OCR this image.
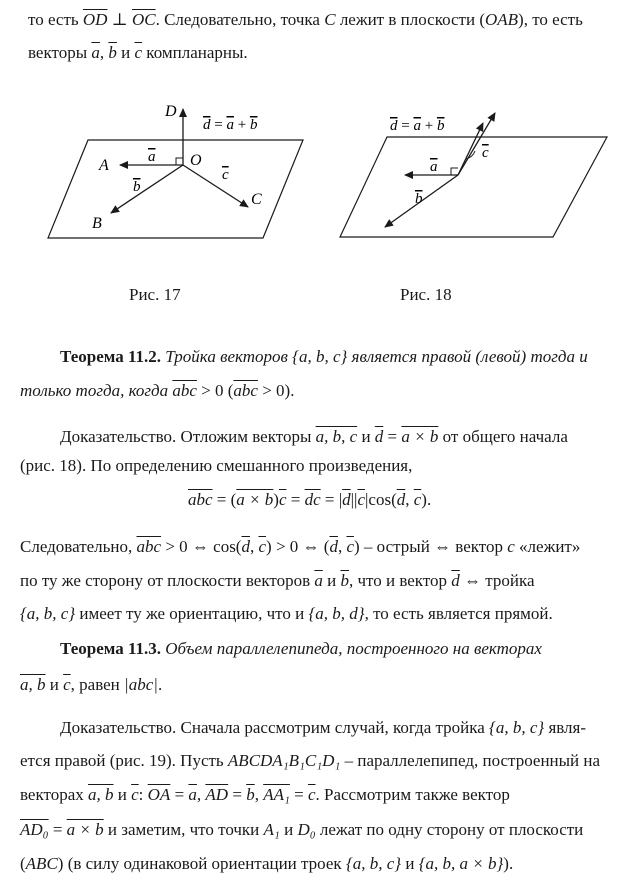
то есть $\overline{OD}$ ⊥ $\overline{OC}$. Следовательно, точка C лежит в плоскости (OAB), то есть
векторы $\overline{a}$, $\overline{b}$ и $\overline{c}$ компланарны.
D
O
A
B
C
a
b
c
d = a + b
a
b
c
d = a + b
Рис. 17	Рис. 18
Теорема 11.2. Тройка векторов {a, b, c} является правой (левой) тогда и
только тогда, когда $\overline{abc} > 0$ $(\overline{abc} > 0)$.
Доказательство. Отложим векторы a, b, c и $\overline{d} = a \times b$ от общего начала
(рис. 18). По определению смешанного произведения,
$\overline{abc} = (a \times b)\overline{c} = \overline{dc} = |\overline{d}||\overline{c}|\cos(\overline{d}$, $\overline{c}$).
Следовательно, $\overline{abc} > 0$ ⇔ $\cos(\overline{d}$, $\overline{c}) > 0$ ⇔ ($\overline{d}$, $\overline{c}$) – острый ⇔ вектор c «лежит»
по ту же сторону от плоскости векторов $\overline{a}$ и $\overline{b}$, что и вектор $\overline{d}$ ⇔ тройка
{a, b, c} имеет ту же ориентацию, что и {a, b, d}, то есть является прямой.
Теорема 11.3. Объем параллелепипеда, построенного на векторах
a, b и $\overline{c}$, равен |abc|.
Доказательство. Сначала рассмотрим случай, когда тройка {a, b, c} явля-
ется правой (рис. 19). Пусть ABCDA₁B₁C₁D₁ – параллелепипед, построенный на
векторах a, b и $\overline{c}$: $\overline{OA} = \overline{a}$, $\overline{AD} = \overline{b}$, $AA_1 = \overline{c}$. Рассмотрим также вектор
AD₀ = a × b и заметим, что точки A₁ и D₀ лежат по одну сторону от плоскости
(ABC) (в силу одинаковой ориентации троек {a, b, c} и {a, b, a × b}).
